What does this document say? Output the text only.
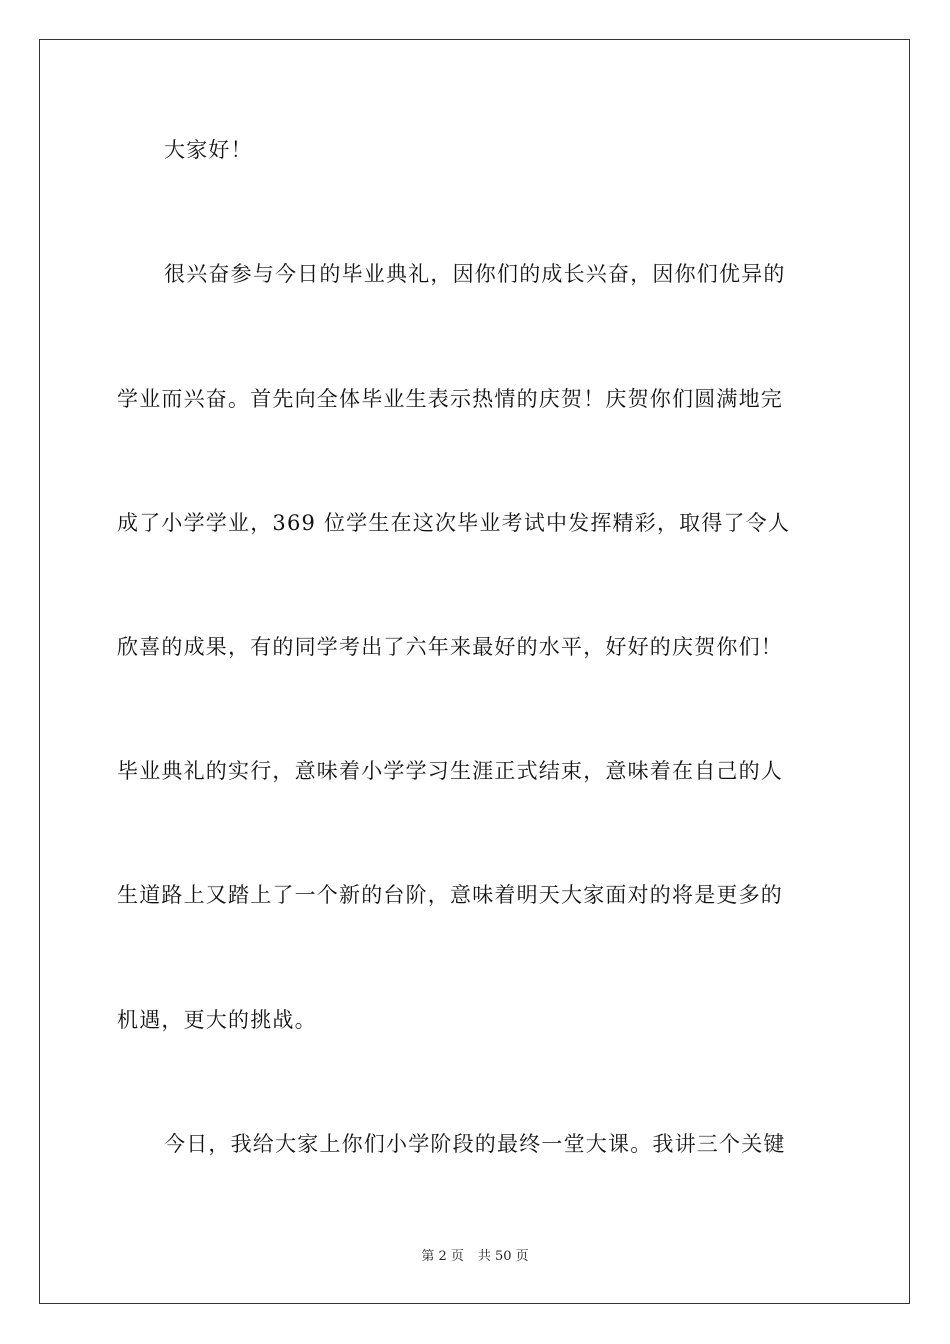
大家好！
很兴奋参与今日的毕业典礼，因你们的成长兴奋，因你们优异的
学业而兴奋。首先向全体毕业生表示热情的庆贺！庆贺你们圆满地完
成了小学学业，369 位学生在这次毕业考试中发挥精彩，取得了令人
欣喜的成果，有的同学考出了六年来最好的水平，好好的庆贺你们！
毕业典礼的实行，意味着小学学习生涯正式结束，意味着在自己的人
生道路上又踏上了一个新的台阶，意味着明天大家面对的将是更多的
机遇，更大的挑战。
今日，我给大家上你们小学阶段的最终一堂大课。我讲三个关键
第 2 页 共 50 页
